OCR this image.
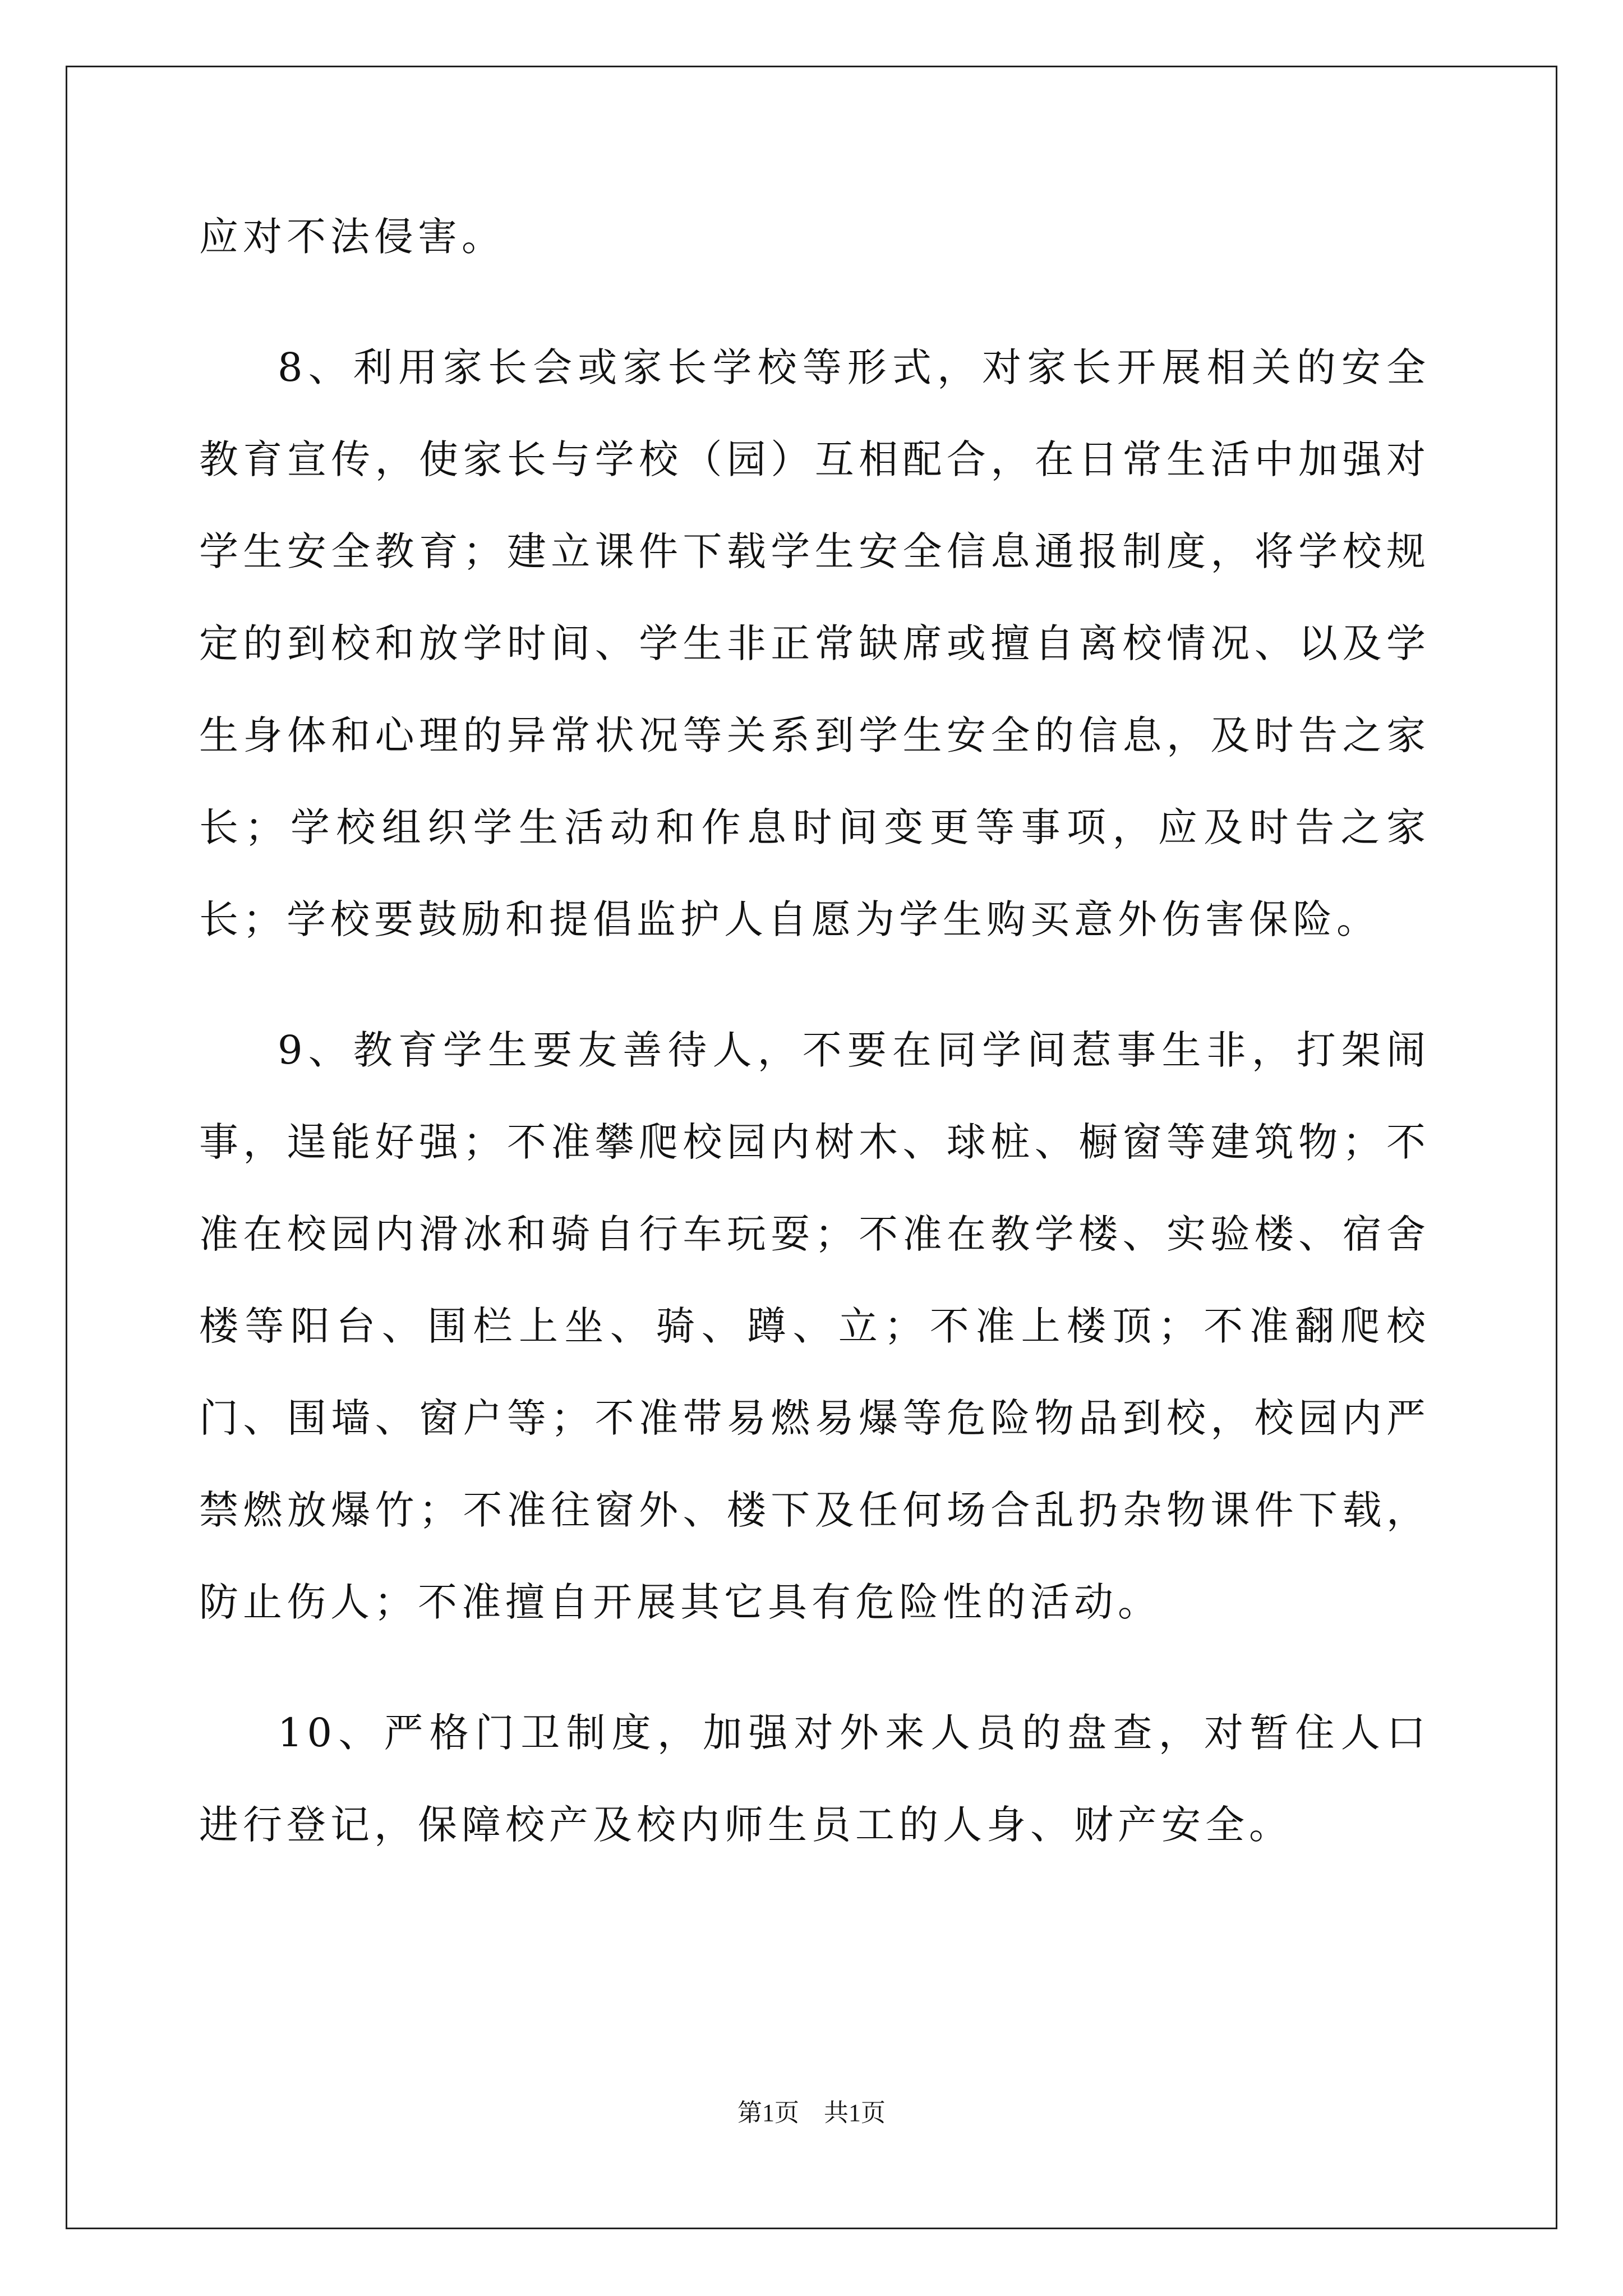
应对不法侵害。

8、利用家长会或家长学校等形式，对家长开展相关的安全教育宣传，使家长与学校（园）互相配合，在日常生活中加强对学生安全教育；建立课件下载学生安全信息通报制度，将学校规定的到校和放学时间、学生非正常缺席或擅自离校情况、以及学生身体和心理的异常状况等关系到学生安全的信息，及时告之家长；学校组织学生活动和作息时间变更等事项，应及时告之家长；学校要鼓励和提倡监护人自愿为学生购买意外伤害保险。

9、教育学生要友善待人，不要在同学间惹事生非，打架闹事，逞能好强；不准攀爬校园内树木、球桩、橱窗等建筑物；不准在校园内滑冰和骑自行车玩耍；不准在教学楼、实验楼、宿舍楼等阳台、围栏上坐、骑、蹲、立；不准上楼顶；不准翻爬校门、围墙、窗户等；不准带易燃易爆等危险物品到校，校园内严禁燃放爆竹；不准往窗外、楼下及任何场合乱扔杂物课件下载，防止伤人；不准擅自开展其它具有危险性的活动。

10、严格门卫制度，加强对外来人员的盘查，对暂住人口进行登记，保障校产及校内师生员工的人身、财产安全。

第1页　共1页
